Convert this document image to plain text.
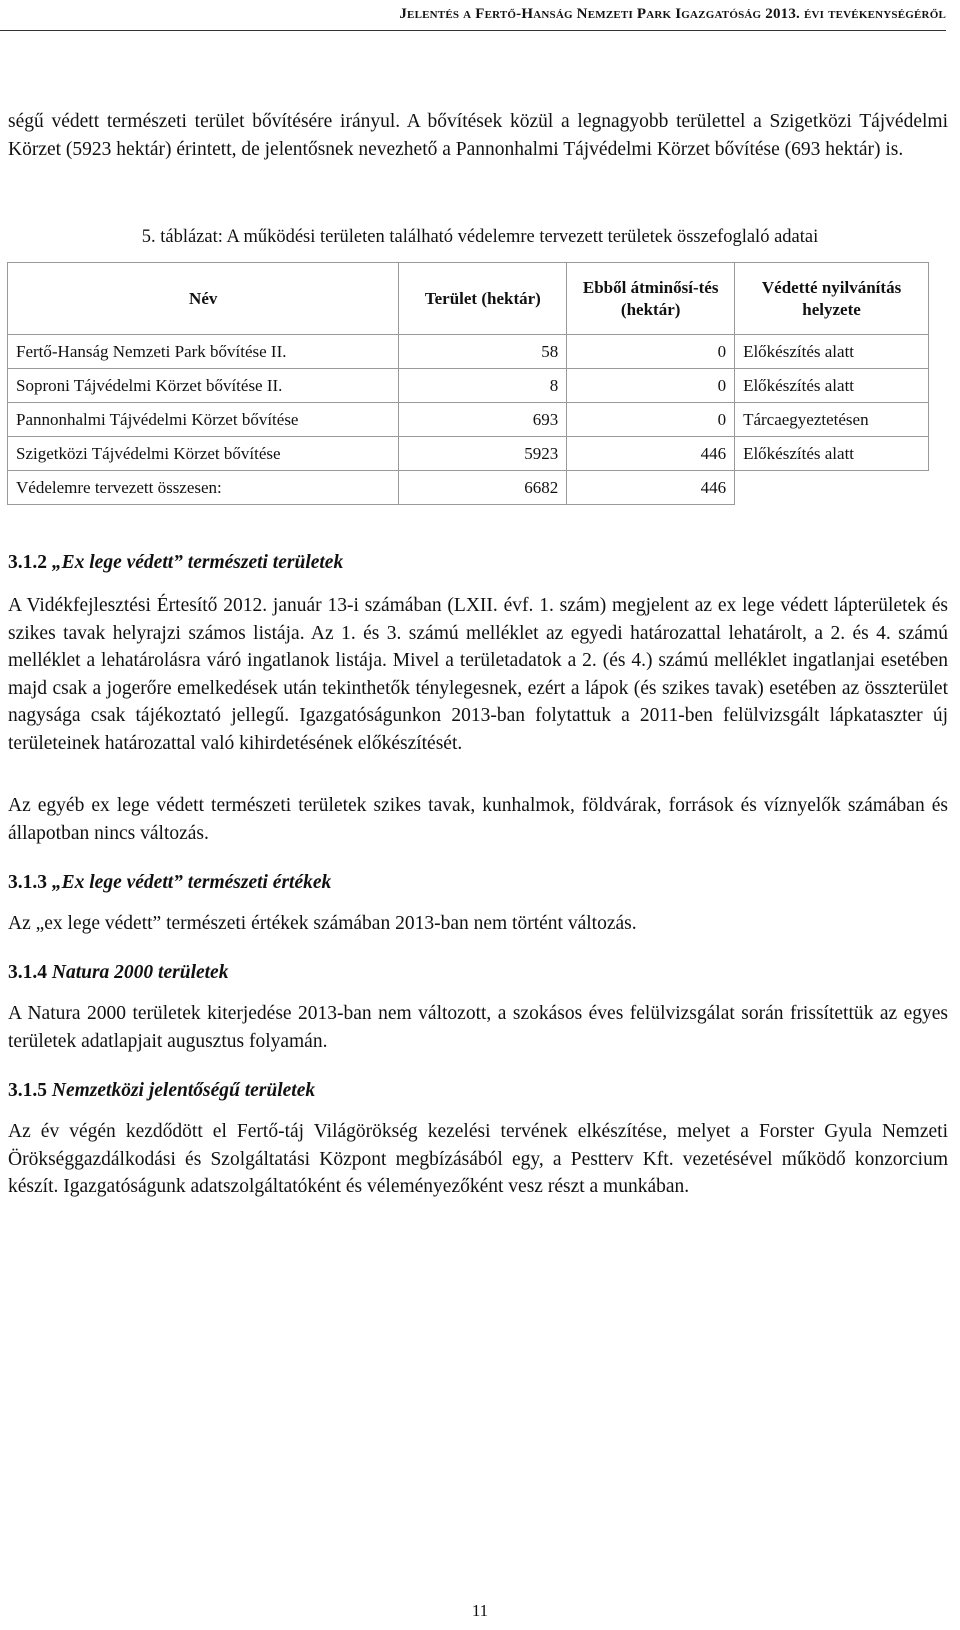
Jelentés a Fertő-Hanság Nemzeti Park Igazgatóság 2013. évi tevékenységéről

ségű védett természeti terület bővítésére irányul. A bővítések közül a legnagyobb területtel a Szigetközi Tájvédelmi Körzet (5923 hektár) érintett, de jelentősnek nevezhető a Pannonhalmi Tájvédelmi Körzet bővítése (693 hektár) is.

5. táblázat: A működési területen található védelemre tervezett területek összefoglaló adatai

Név	Terület (hektár)	Ebből átminősí-tés (hektár)	Védetté nyilvánítás helyzete
Fertő-Hanság Nemzeti Park bővítése II.	58	0	Előkészítés alatt
Soproni Tájvédelmi Körzet bővítése II.	8	0	Előkészítés alatt
Pannonhalmi Tájvédelmi Körzet bővítése	693	0	Tárcaegyeztetésen
Szigetközi Tájvédelmi Körzet bővítése	5923	446	Előkészítés alatt
Védelemre tervezett összesen:	6682	446	

3.1.2 „Ex lege védett” természeti területek

A Vidékfejlesztési Értesítő 2012. január 13-i számában (LXII. évf. 1. szám) megjelent az ex lege védett lápterületek és szikes tavak helyrajzi számos listája. Az 1. és 3. számú melléklet az egyedi határozattal lehatárolt, a 2. és 4. számú melléklet a lehatárolásra váró ingatlanok listája. Mivel a területadatok a 2. (és 4.) számú melléklet ingatlanjai esetében majd csak a jogerőre emelkedések után tekinthetők ténylegesnek, ezért a lápok (és szikes tavak) esetében az összterület nagysága csak tájékoztató jellegű. Igazgatóságunkon 2013-ban folytattuk a 2011-ben felülvizsgált lápkataszter új területeinek határozattal való kihirdetésének előkészítését.

Az egyéb ex lege védett természeti területek szikes tavak, kunhalmok, földvárak, források és víznyelők számában és állapotban nincs változás.

3.1.3 „Ex lege védett” természeti értékek

Az „ex lege védett” természeti értékek számában 2013-ban nem történt változás.

3.1.4 Natura 2000 területek

A Natura 2000 területek kiterjedése 2013-ban nem változott, a szokásos éves felülvizsgálat során frissítettük az egyes területek adatlapjait augusztus folyamán.

3.1.5 Nemzetközi jelentőségű területek

Az év végén kezdődött el Fertő-táj Világörökség kezelési tervének elkészítése, melyet a Forster Gyula Nemzeti Örökséggazdálkodási és Szolgáltatási Központ megbízásából egy, a Pestterv Kft. vezetésével működő konzorcium készít. Igazgatóságunk adatszolgáltatóként és véleményezőként vesz részt a munkában.

11
